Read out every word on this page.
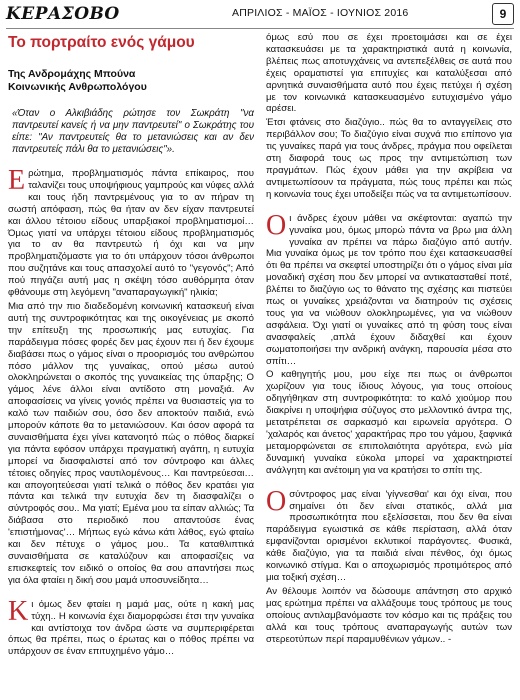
ΚΕΡΑΣΟΒΟ	ΑΠΡΙΛΙΟΣ - ΜΑΪΟΣ - ΙΟΥΝΙΟΣ 2016	9
Το πορτραίτο ενός γάμου
Της Ανδρομάχης Μπούνα
Κοινωνικής Ανθρωπολόγου
«Όταν ο Αλκιβιάδης ρώτησε τον Σωκράτη "να παντρευτεί κανείς ή να μην παντρευτεί" ο Σωκράτης του είπε: "Αν παντρευτείς θα το μετανιώσεις και αν δεν παντρευτείς πάλι θα το μετανιώσεις"».

Ερώτημα, προβληματισμός πάντα επίκαιρος, που ταλανίζει τους υποψήφιους γαμπρούς και νύφες αλλά και τους ήδη παντρεμένους για το αν πήραν τη σωστή απόφαση, πώς θα ήταν αν δεν είχαν παντρευτεί και άλλου τέτοιου είδους υπαρξιακοί προβληματισμοί… Όμως γιατί να υπάρχει τέτοιου είδους προβληματισμός για το αν θα παντρευτώ ή όχι και να μην προβληματιζόμαστε για το ότι υπάρχουν τόσοι άνθρωποι που συζητάνε και τους απασχολεί αυτό το "γεγονός"; Από πού πηγάζει αυτή μας η σκέψη τόσο αυθόρμητα όταν φθάνουμε στη λεγόμενη "αναπαραγωγική" ηλικία;

Μια από την πιο διαδεδομένη κοινωνική κατασκευή είναι αυτή της συντροφικότητας και της οικογένειας με σκοπό την επίτευξη της προσωπικής μας ευτυχίας. Για παράδειγμα πόσες φορές δεν μας έχουν πει ή δεν έχουμε διαβάσει πως ο γάμος είναι ο προορισμός του ανθρώπου πόσο μάλλον της γυναίκας, οπού μέσω αυτού ολοκληρώνεται ο σκοπός της γυναικείας της ύπαρξης; Ο γάμος λένε άλλοι είναι αντίδοτο στη μοναξιά. Αν αποφασίσεις να γίνεις γονιός πρέπει να θυσιαστείς για το καλό των παιδιών σου, όσο δεν αποκτούν παιδιά, ενώ μπορούν κάποτε θα το μετανιώσουν. Και όσον αφορά τα συναισθήματα έχει γίνει κατανοητό πώς ο πόθος διαρκεί για πάντα εφόσον υπάρχει πραγματική αγάπη, η ευτυχία μπορεί να διασφαλιστεί από τον σύντροφο και άλλες τέτοιες οδηγίες προς ναυτιλομένους… Και παντρεύεσαι… και απογοητεύεσαι γιατί τελικά ο πόθος δεν κρατάει για πάντα και τελικά την ευτυχία δεν τη διασφαλίζει ο σύντροφός σου.. Μα γιατί; Εμένα μου τα είπαν αλλιώς; Τα διάβασα στο περιοδικό που απαντούσε ένας 'επιστήμονας'… Μήπως εγώ κάνω κάτι λάθος, εγώ φταίω και δεν πέτυχε ο γάμος μου.. Τα καταθλιπτικά συναισθήματα σε καταλύζουν και αποφασίζεις να επισκεφτείς τον ειδικό ο οποίος θα σου απαντήσει πως για όλα φταίει η δική σου μαμά υποσυνείδητα…

Κι όμως δεν φταίει η μαμά μας, ούτε η κακή μας τύχη.. Η κοινωνία έχει διαμορφώσει έτσι την γυναίκα και αντίστοιχα τον άνδρα ώστε να συμπεριφέρεται όπως θα πρέπει, πως ο έρωτας και ο πόθος πρέπει να υπάρχουν σε έναν επιτυχημένο γάμο…

όμως εσύ που σε έχει προετοιμάσει και σε έχει κατασκευάσει με τα χαρακτηριστικά αυτά η κοινωνία, βλέπεις πως αποτυγχάνεις να αντεπεξέλθεις σε αυτά που έχεις οραματιστεί για επιτυχίες και καταλύξεσαι από αρνητικά συναισθήματα αυτό που έχεις πετύχει ή σχέση με τον κοινωνικά κατασκευασμένο ευτυχισμένο γάμο αρέσει.

Έτσι φτάνεις στο διαζύγιο.. πώς θα το ανταγγείλεις στο περιβάλλον σου; Το διαζύγιο είναι συχνά πιο επίπονο για τις γυναίκες παρά για τους άνδρες, πράγμα που οφείλεται στη διαφορά τους ως προς την αντιμετώπιση των πραγμάτων. Πώς έχουν μάθει για την ακρίβεια να αντιμετωπίσουν τα πράγματα, πώς τους πρέπει και πώς η κοινωνία τους έχει υποδείξει πώς να τα αντιμετωπίσουν.

Οι άνδρες έχουν μάθει να σκέφτονται: αγαπώ την γυναίκα μου, όμως μπορώ πάντα να βρω μια άλλη γυναίκα αν πρέπει να πάρω διαζύγιο από αυτήν. Μια γυναίκα όμως με τον τρόπο που έχει κατασκευασθεί ότι θα πρέπει να σκεφτεί υποστηρίζει ότι ο γάμος είναι μία μοναδική σχέση που δεν μπορεί να αντικατασταθεί ποτέ, βλέπει το διαζύγιο ως το θάνατο της σχέσης και πιστεύει πως οι γυναίκες χρειάζονται να διατηρούν τις σχέσεις τους για να νιώθουν ολοκληρωμένες, για να νιώθουν ασφάλεια. Όχι γιατί οι γυναίκες από τη φύση τους είναι ανασφαλείς ,απλά έχουν διδαχθεί και έχουν σωματοποιήσει την ανδρική ανάγκη, παρουσία μέσα στο σπίτι…

Ο καθηγητής μου, μου είχε πει πως οι άνθρωποι χωρίζουν για τους ίδιους λόγους, για τους οποίους οδηγήθηκαν στη συντροφικότητα: το καλό χιούμορ που διακρίνει η υποψήφια σύζυγος στο μελλοντικό άντρα της, μετατρέπεται σε σαρκασμό και ειρωνεία αργότερα. Ο 'χαλαρός και άνετος' χαρακτήρας προ του γάμου, ξαφνικά μεταμορφώνεται σε επιπολαιότητα αργότερα, ενώ μία δυναμική γυναίκα εύκολα μπορεί να χαρακτηριστεί ανάλγητη και ανέτοιμη για να κρατήσει το σπίτι της.

Ο σύντροφος μας είναι 'γίγνεσθαι' και όχι είναι, που σημαίνει ότι δεν είναι στατικός, αλλά μια προσωπικότητα που εξελίσσεται, που δεν θα είναι παράδειγμα εγωιστικά σε κάθε περίσταση, αλλά όταν εμφανίζονται ορισμένοι εκλυτικοί παράγοντες. Φυσικά, κάθε διαζύγιο, για τα παιδιά είναι πένθος, όχι όμως κοινωνικό στίγμα. Και ο αποχωρισμός προτιμότερος από μια τοξική σχέση…

Αν θέλουμε λοιπόν να δώσουμε απάντηση στο αρχικό μας ερώτημα πρέπει να αλλάξουμε τους τρόπους με τους οποίους αντιλαμβανόμαστε τον κόσμο και τις πράξεις του αλλά και τους τρόπους αναπαραγωγής αυτών των στερεοτύπων περί παραμυθένιων γάμων.. -
